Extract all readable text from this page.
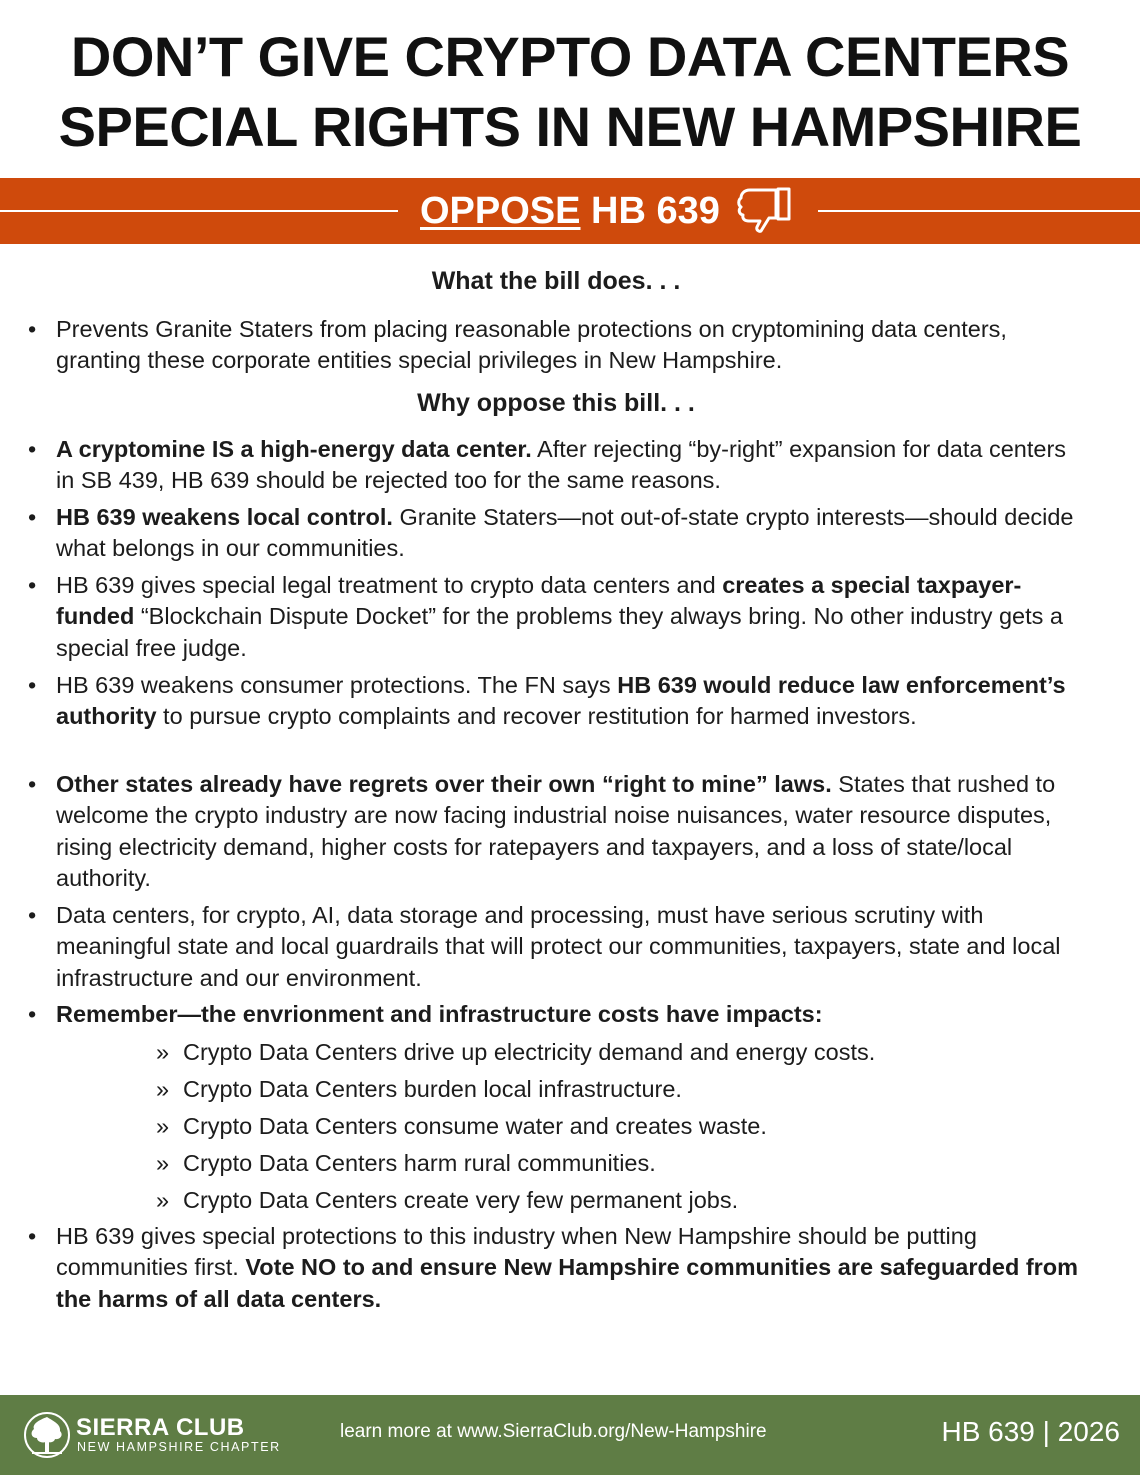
DON’T GIVE CRYPTO DATA CENTERS
SPECIAL RIGHTS IN NEW HAMPSHIRE
OPPOSE HB 639
What the bill does. . .
• Prevents Granite Staters from placing reasonable protections on cryptomining data centers, granting these corporate entities special privileges in New Hampshire.
Why oppose this bill. . .
• A cryptomine IS a high-energy data center. After rejecting “by-right” expansion for data centers in SB 439, HB 639 should be rejected too for the same reasons.
• HB 639 weakens local control. Granite Staters—not out-of-state crypto interests—should decide what belongs in our communities.
• HB 639 gives special legal treatment to crypto data centers and creates a special taxpayer-funded “Blockchain Dispute Docket” for the problems they always bring. No other industry gets a special free judge.
• HB 639 weakens consumer protections. The FN says HB 639 would reduce law enforcement’s authority to pursue crypto complaints and recover restitution for harmed investors.
• Other states already have regrets over their own “right to mine” laws. States that rushed to welcome the crypto industry are now facing industrial noise nuisances, water resource disputes, rising electricity demand, higher costs for ratepayers and taxpayers, and a loss of state/local authority.
• Data centers, for crypto, AI, data storage and processing, must have serious scrutiny with meaningful state and local guardrails that will protect our communities, taxpayers, state and local infrastructure and our environment.
• Remember—the envrionment and infrastructure costs have impacts:
» Crypto Data Centers drive up electricity demand and energy costs.
» Crypto Data Centers burden local infrastructure.
» Crypto Data Centers consume water and creates waste.
» Crypto Data Centers harm rural communities.
» Crypto Data Centers create very few permanent jobs.
• HB 639 gives special protections to this industry when New Hampshire should be putting communities first. Vote NO to and ensure New Hampshire communities are safeguarded from the harms of all data centers.
SIERRA CLUB
NEW HAMPSHIRE CHAPTER
learn more at www.SierraClub.org/New-Hampshire	HB 639 | 2026
